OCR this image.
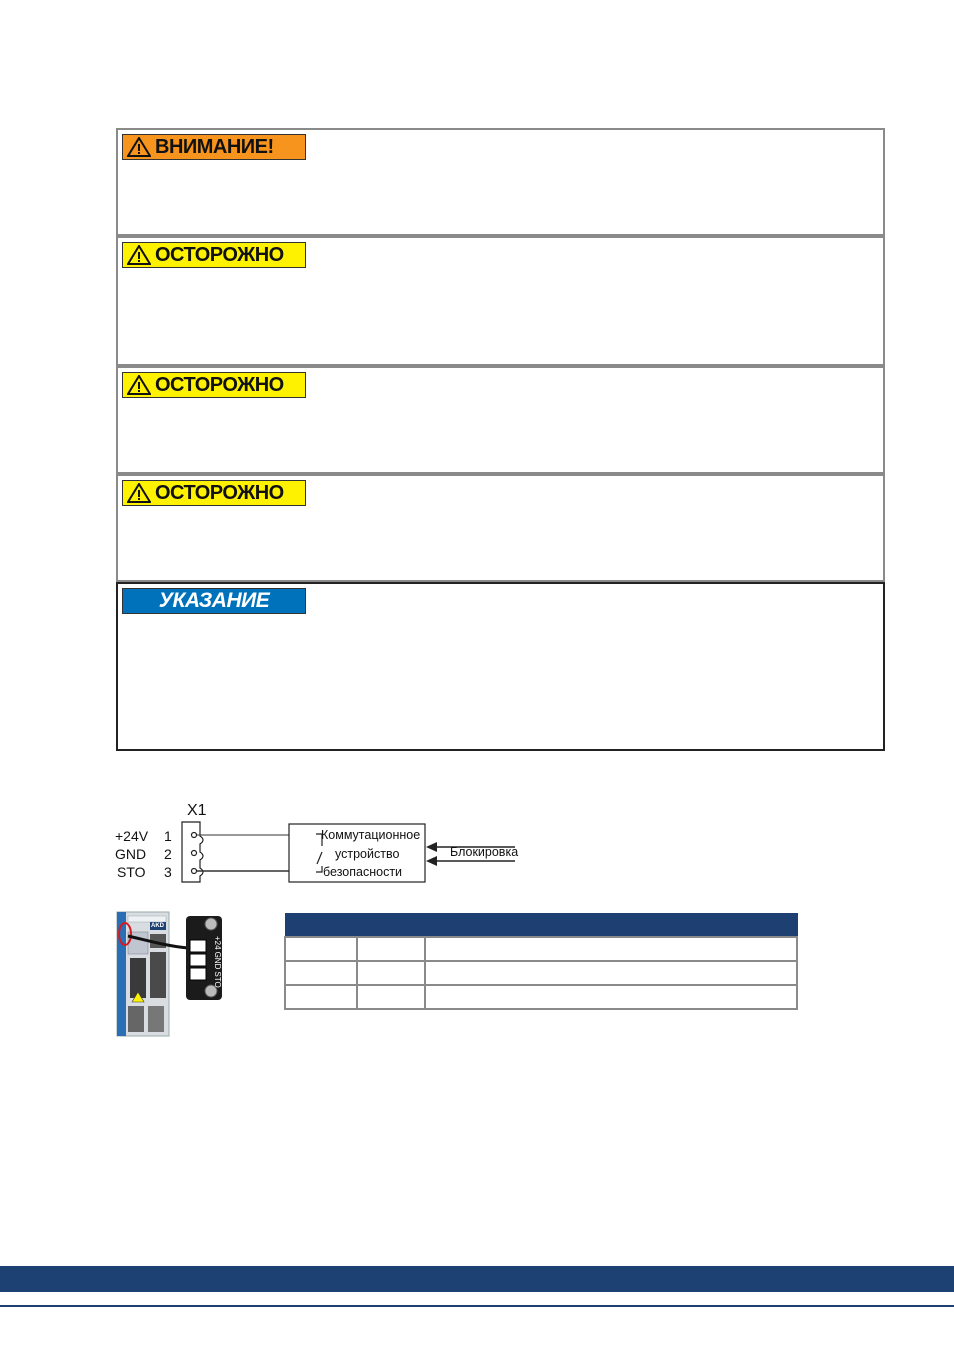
ВНИМАНИЕ!
ОСТОРОЖНО
ОСТОРОЖНО
ОСТОРОЖНО
УКАЗАНИЕ
X1
+24V 1
GND 2
STO 3
Коммутационное
устройство
безопасности
Блокировка
AKD
+24
GND
STO
